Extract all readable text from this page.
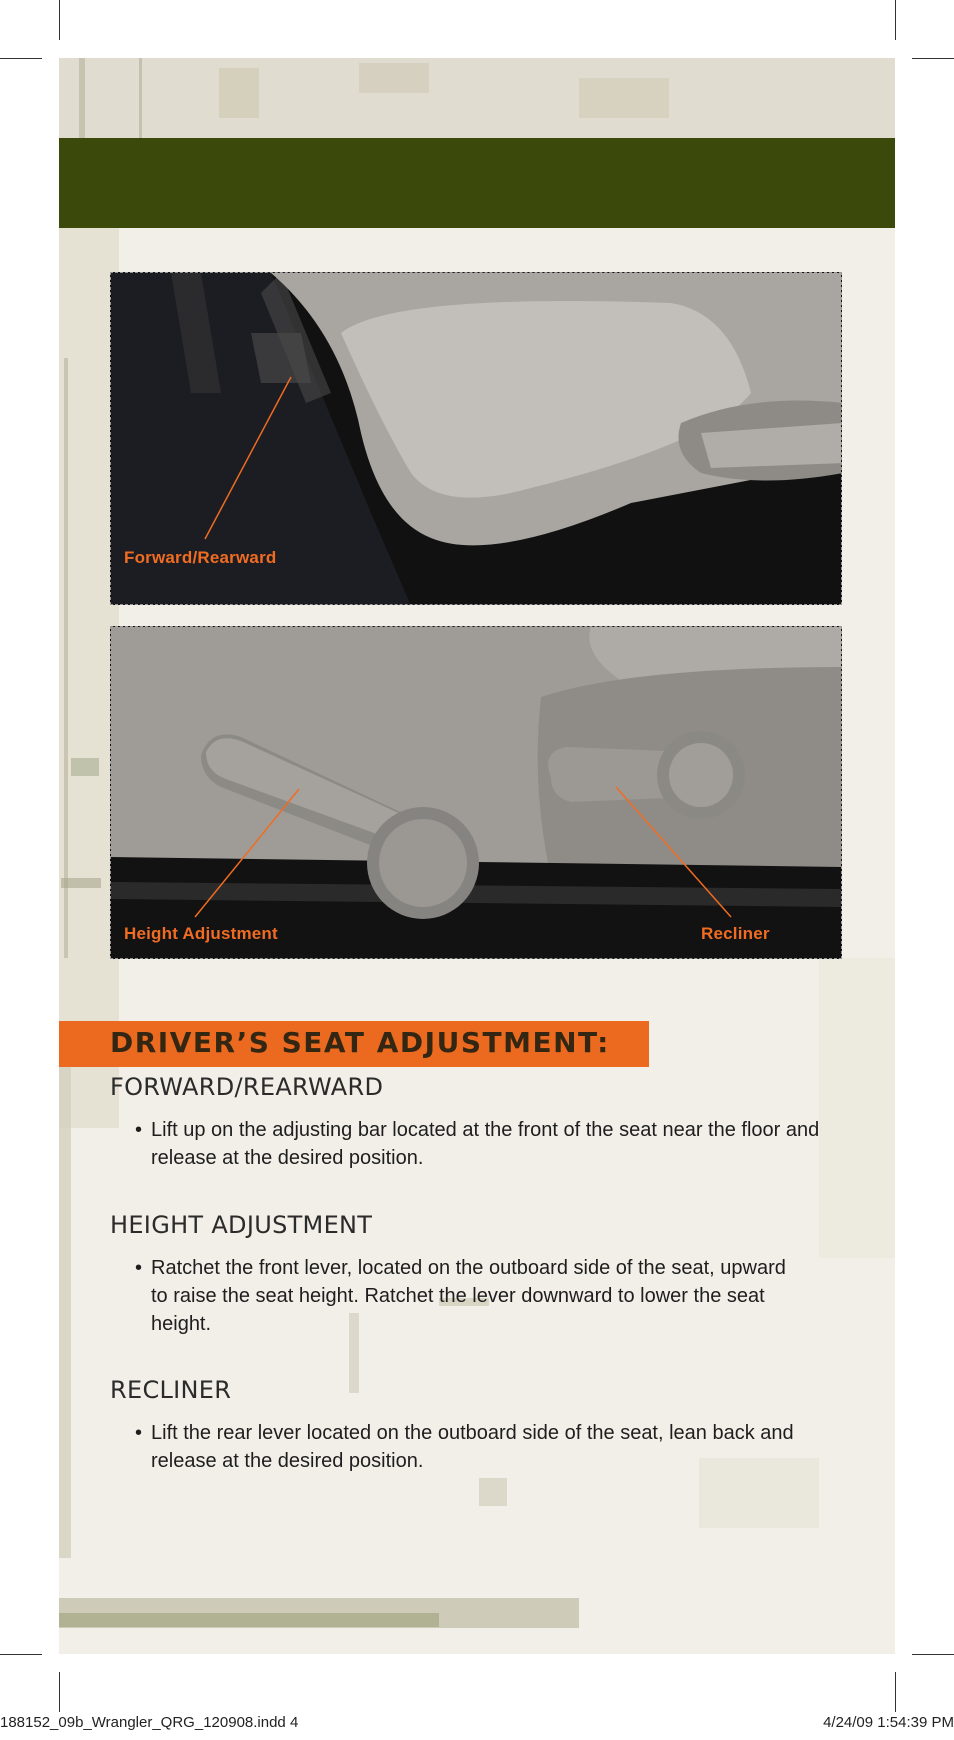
Forward/Rearward
Height Adjustment	Recliner
DRIVER’S SEAT ADJUSTMENT:
FORWARD/REARWARD
• Lift up on the adjusting bar located at the front of the seat near the floor and release at the desired position.
HEIGHT ADJUSTMENT
• Ratchet the front lever, located on the outboard side of the seat, upward to raise the seat height. Ratchet the lever downward to lower the seat height.
RECLINER
• Lift the rear lever located on the outboard side of the seat, lean back and release at the desired position.
188152_09b_Wrangler_QRG_120908.indd 4	4/24/09 1:54:39 PM
